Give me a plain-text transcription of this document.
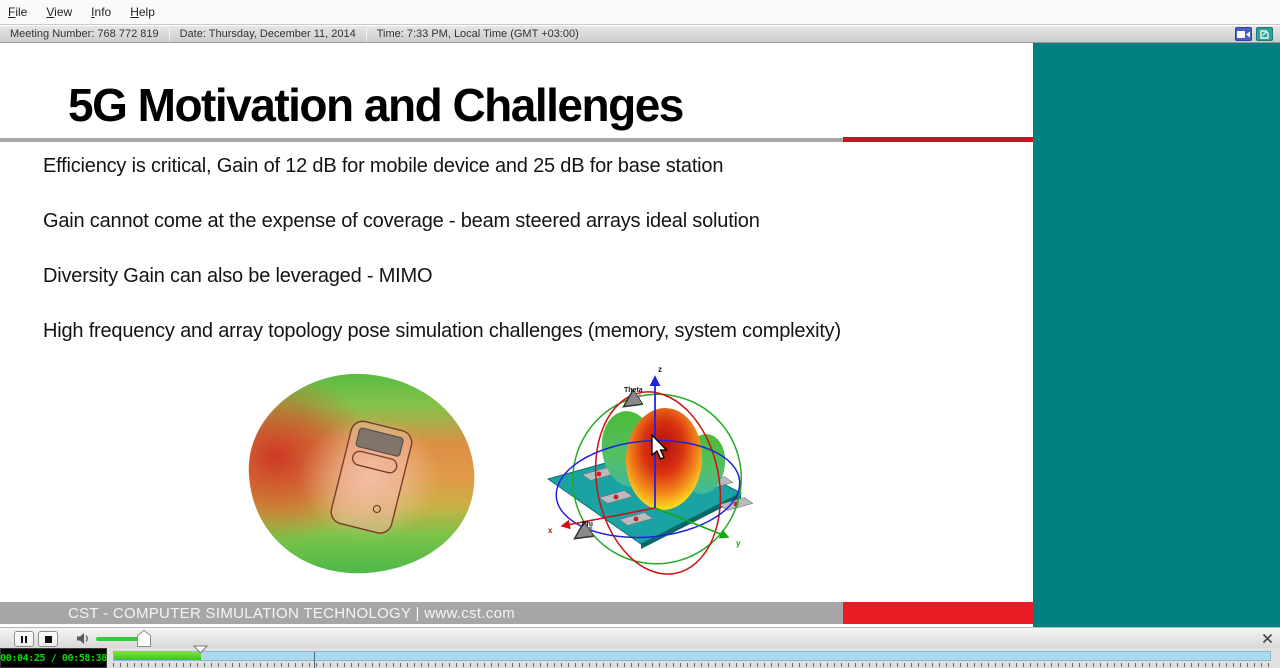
File View Info Help
Meeting Number: 768 772 819	Date: Thursday, December 11, 2014	Time: 7:33 PM, Local Time (GMT +03:00)
5G Motivation and Challenges

Efficiency is critical, Gain of 12 dB for mobile device and 25 dB for base station

Gain cannot come at the expense of coverage - beam steered arrays ideal solution

Diversity Gain can also be leveraged - MIMO

High frequency and array topology pose simulation challenges (memory, system complexity)

z
x
y
Theta
Phi
CST - COMPUTER SIMULATION TECHNOLOGY | www.cst.com
00:04:25 / 00:58:38
